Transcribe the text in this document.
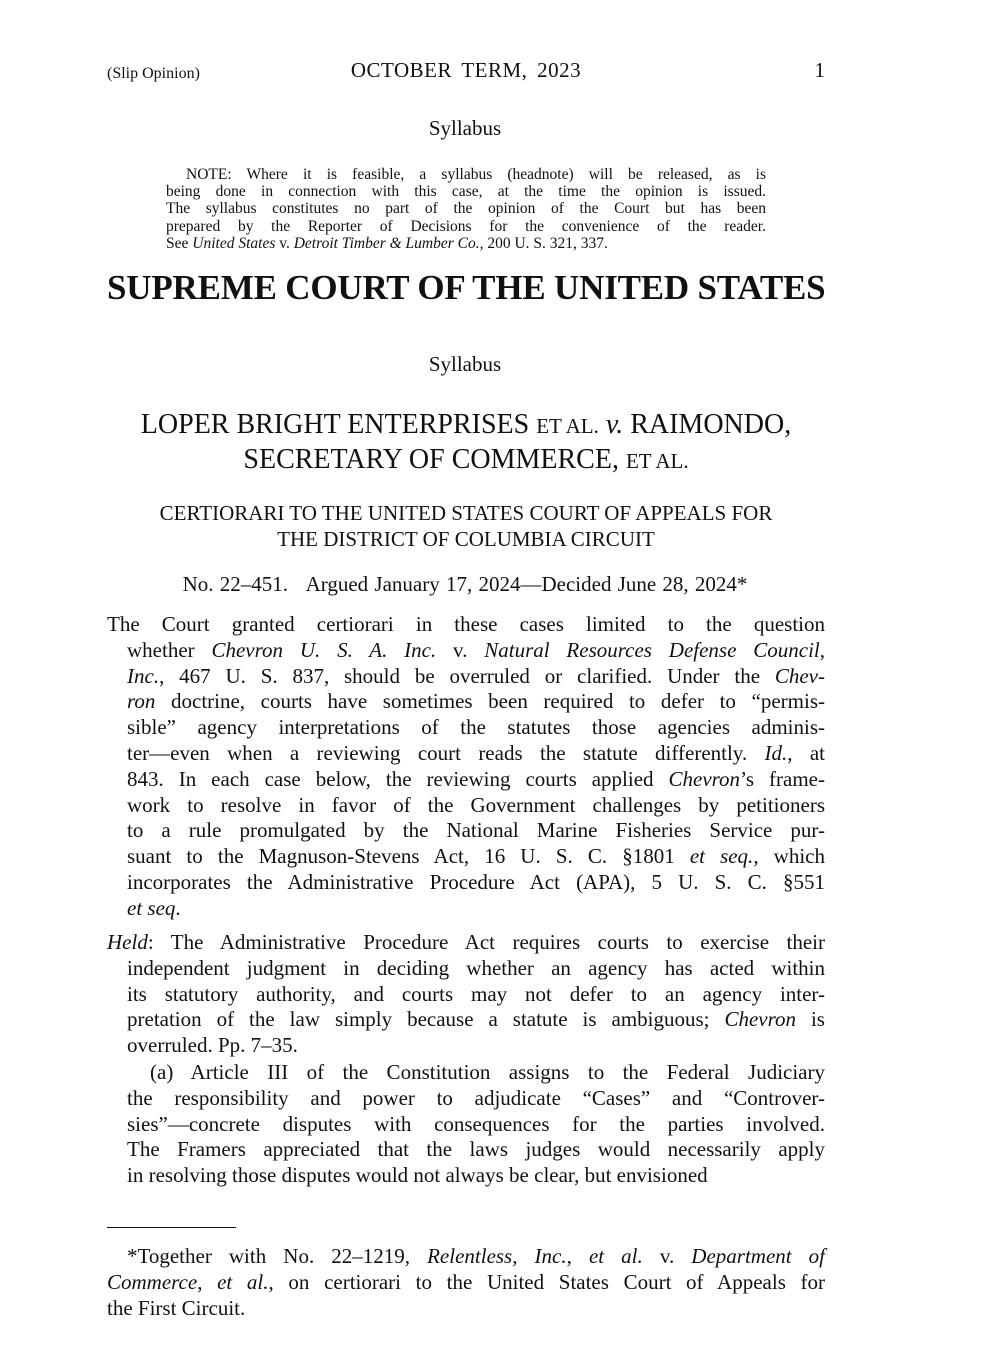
(Slip Opinion)	OCTOBER TERM, 2023	1
Syllabus
NOTE: Where it is feasible, a syllabus (headnote) will be released, as is
being done in connection with this case, at the time the opinion is issued.
The syllabus constitutes no part of the opinion of the Court but has been
prepared by the Reporter of Decisions for the convenience of the reader.
See United States v. Detroit Timber & Lumber Co., 200 U. S. 321, 337.
SUPREME COURT OF THE UNITED STATES
Syllabus
LOPER BRIGHT ENTERPRISES ET AL. v. RAIMONDO,
SECRETARY OF COMMERCE, ET AL.
CERTIORARI TO THE UNITED STATES COURT OF APPEALS FOR
THE DISTRICT OF COLUMBIA CIRCUIT
No. 22–451.   Argued January 17, 2024—Decided June 28, 2024*
The Court granted certiorari in these cases limited to the question
whether Chevron U. S. A. Inc. v. Natural Resources Defense Council,
Inc., 467 U. S. 837, should be overruled or clarified. Under the Chev-
ron doctrine, courts have sometimes been required to defer to “permis-
sible” agency interpretations of the statutes those agencies adminis-
ter—even when a reviewing court reads the statute differently. Id., at
843. In each case below, the reviewing courts applied Chevron’s frame-
work to resolve in favor of the Government challenges by petitioners
to a rule promulgated by the National Marine Fisheries Service pur-
suant to the Magnuson-Stevens Act, 16 U. S. C. §1801 et seq., which
incorporates the Administrative Procedure Act (APA), 5 U. S. C. §551
et seq.
Held: The Administrative Procedure Act requires courts to exercise their
independent judgment in deciding whether an agency has acted within
its statutory authority, and courts may not defer to an agency inter-
pretation of the law simply because a statute is ambiguous; Chevron is
overruled. Pp. 7–35.
(a) Article III of the Constitution assigns to the Federal Judiciary
the responsibility and power to adjudicate “Cases” and “Controver-
sies”—concrete disputes with consequences for the parties involved.
The Framers appreciated that the laws judges would necessarily apply
in resolving those disputes would not always be clear, but envisioned
*Together with No. 22–1219, Relentless, Inc., et al. v. Department of
Commerce, et al., on certiorari to the United States Court of Appeals for
the First Circuit.
